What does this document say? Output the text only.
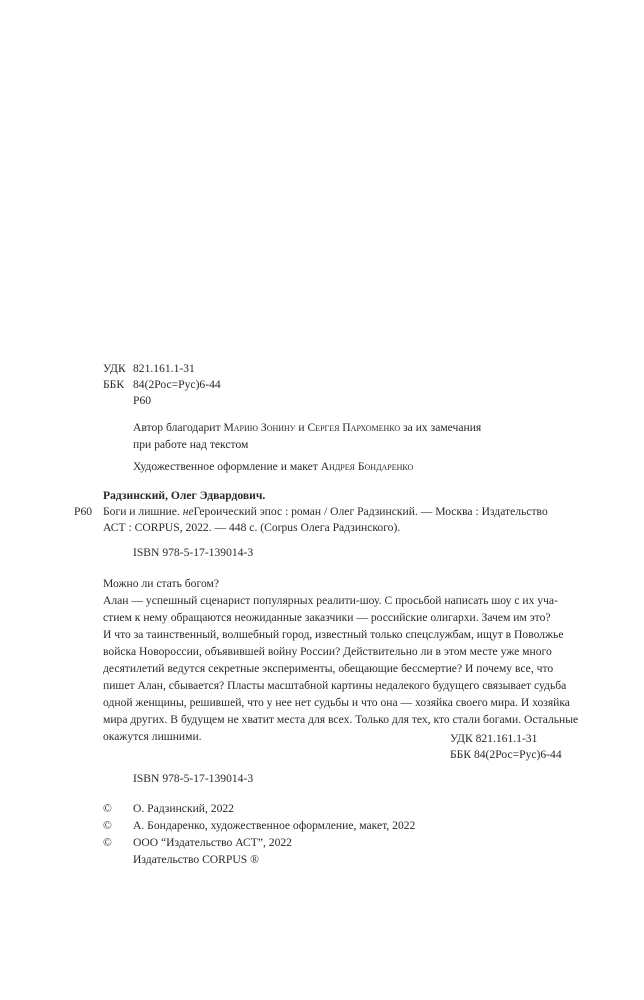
УДК 821.161.1-31
ББК 84(2Рос=Рус)6-44
Р60
Автор благодарит Марию Зонину и Сергея Пархоменко за их замечания
при работе над текстом
Художественное оформление и макет Андрея Бондаренко
Радзинский, Олег Эдвардович.
Р60 Боги и лишние. неГероический эпос : роман / Олег Радзинский. — Москва : Издательство
АСТ : CORPUS, 2022. — 448 с. (Corpus Олега Радзинского).
ISBN 978-5-17-139014-3
Можно ли стать богом?
Алан — успешный сценарист популярных реалити-шоу. С просьбой написать шоу с их уча-
стием к нему обращаются неожиданные заказчики — российские олигархи. Зачем им это?
И что за таинственный, волшебный город, известный только спецслужбам, ищут в Поволжье
войска Новороссии, объявившей войну России? Действительно ли в этом месте уже много
десятилетий ведутся секретные эксперименты, обещающие бессмертие? И почему все, что
пишет Алан, сбывается? Пласты масштабной картины недалекого будущего связывает судьба
одной женщины, решившей, что у нее нет судьбы и что она — хозяйка своего мира. И хозяйка
мира других. В будущем не хватит места для всех. Только для тех, кто стали богами. Остальные
окажутся лишними.	УДК 821.161.1-31
ББК 84(2Рос=Рус)6-44
ISBN 978-5-17-139014-3
© О. Радзинский, 2022
© А. Бондаренко, художественное оформление, макет, 2022
© ООО “Издательство АСТ”, 2022
Издательство CORPUS ®
